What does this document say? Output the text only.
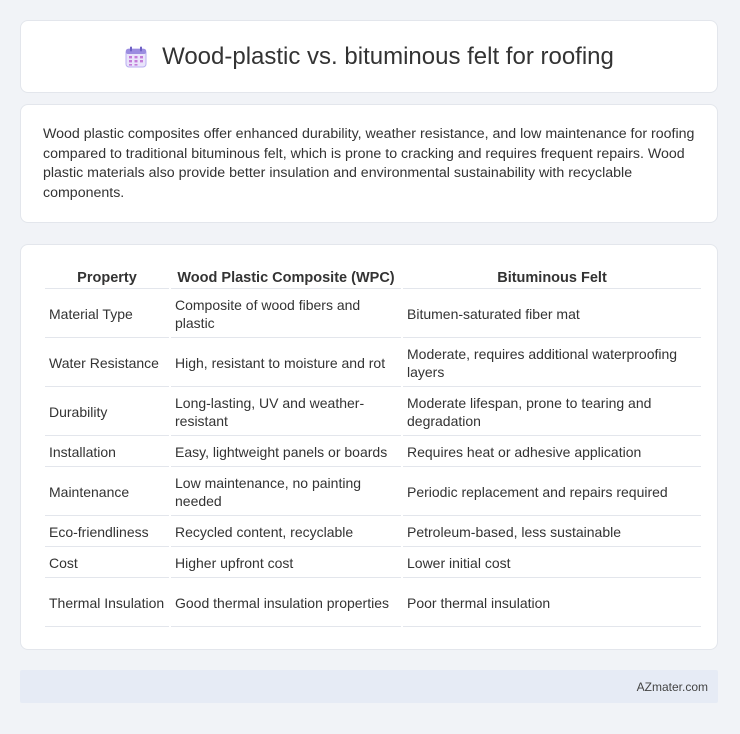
Wood-plastic vs. bituminous felt for roofing

Wood plastic composites offer enhanced durability, weather resistance, and low maintenance for roofing compared to traditional bituminous felt, which is prone to cracking and requires frequent repairs. Wood plastic materials also provide better insulation and environmental sustainability with recyclable components.

Property	Wood Plastic Composite (WPC)	Bituminous Felt
Material Type	Composite of wood fibers and plastic	Bitumen-saturated fiber mat
Water Resistance	High, resistant to moisture and rot	Moderate, requires additional waterproofing layers
Durability	Long-lasting, UV and weather-resistant	Moderate lifespan, prone to tearing and degradation
Installation	Easy, lightweight panels or boards	Requires heat or adhesive application
Maintenance	Low maintenance, no painting needed	Periodic replacement and repairs required
Eco-friendliness	Recycled content, recyclable	Petroleum-based, less sustainable
Cost	Higher upfront cost	Lower initial cost
Thermal Insulation	Good thermal insulation properties	Poor thermal insulation
AZmater.com
